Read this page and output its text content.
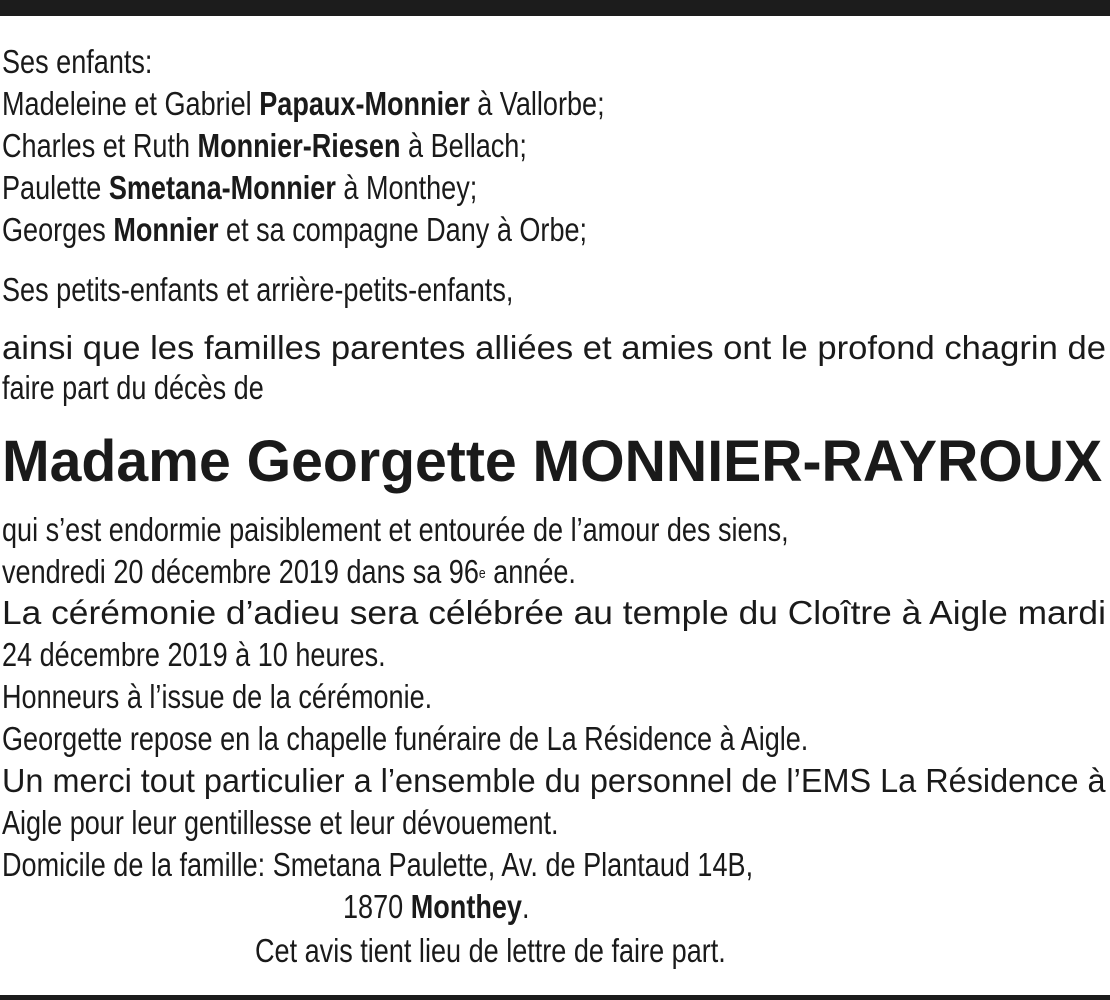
Ses enfants:
Madeleine et Gabriel Papaux-Monnier à Vallorbe;
Charles et Ruth Monnier-Riesen à Bellach;
Paulette Smetana-Monnier à Monthey;
Georges Monnier et sa compagne Dany à Orbe;
Ses petits-enfants et arrière-petits-enfants,
ainsi que les familles parentes alliées et amies ont le profond chagrin de
faire part du décès de
Madame Georgette MONNIER-RAYROUX
qui s’est endormie paisiblement et entourée de l’amour des siens,
vendredi 20 décembre 2019 dans sa 96e année.
La cérémonie d’adieu sera célébrée au temple du Cloître à Aigle mardi
24 décembre 2019 à 10 heures.
Honneurs à l’issue de la cérémonie.
Georgette repose en la chapelle funéraire de La Résidence à Aigle.
Un merci tout particulier a l’ensemble du personnel de l’EMS La Résidence à
Aigle pour leur gentillesse et leur dévouement.
Domicile de la famille: Smetana Paulette, Av. de Plantaud 14B,
1870 Monthey.
Cet avis tient lieu de lettre de faire part.
